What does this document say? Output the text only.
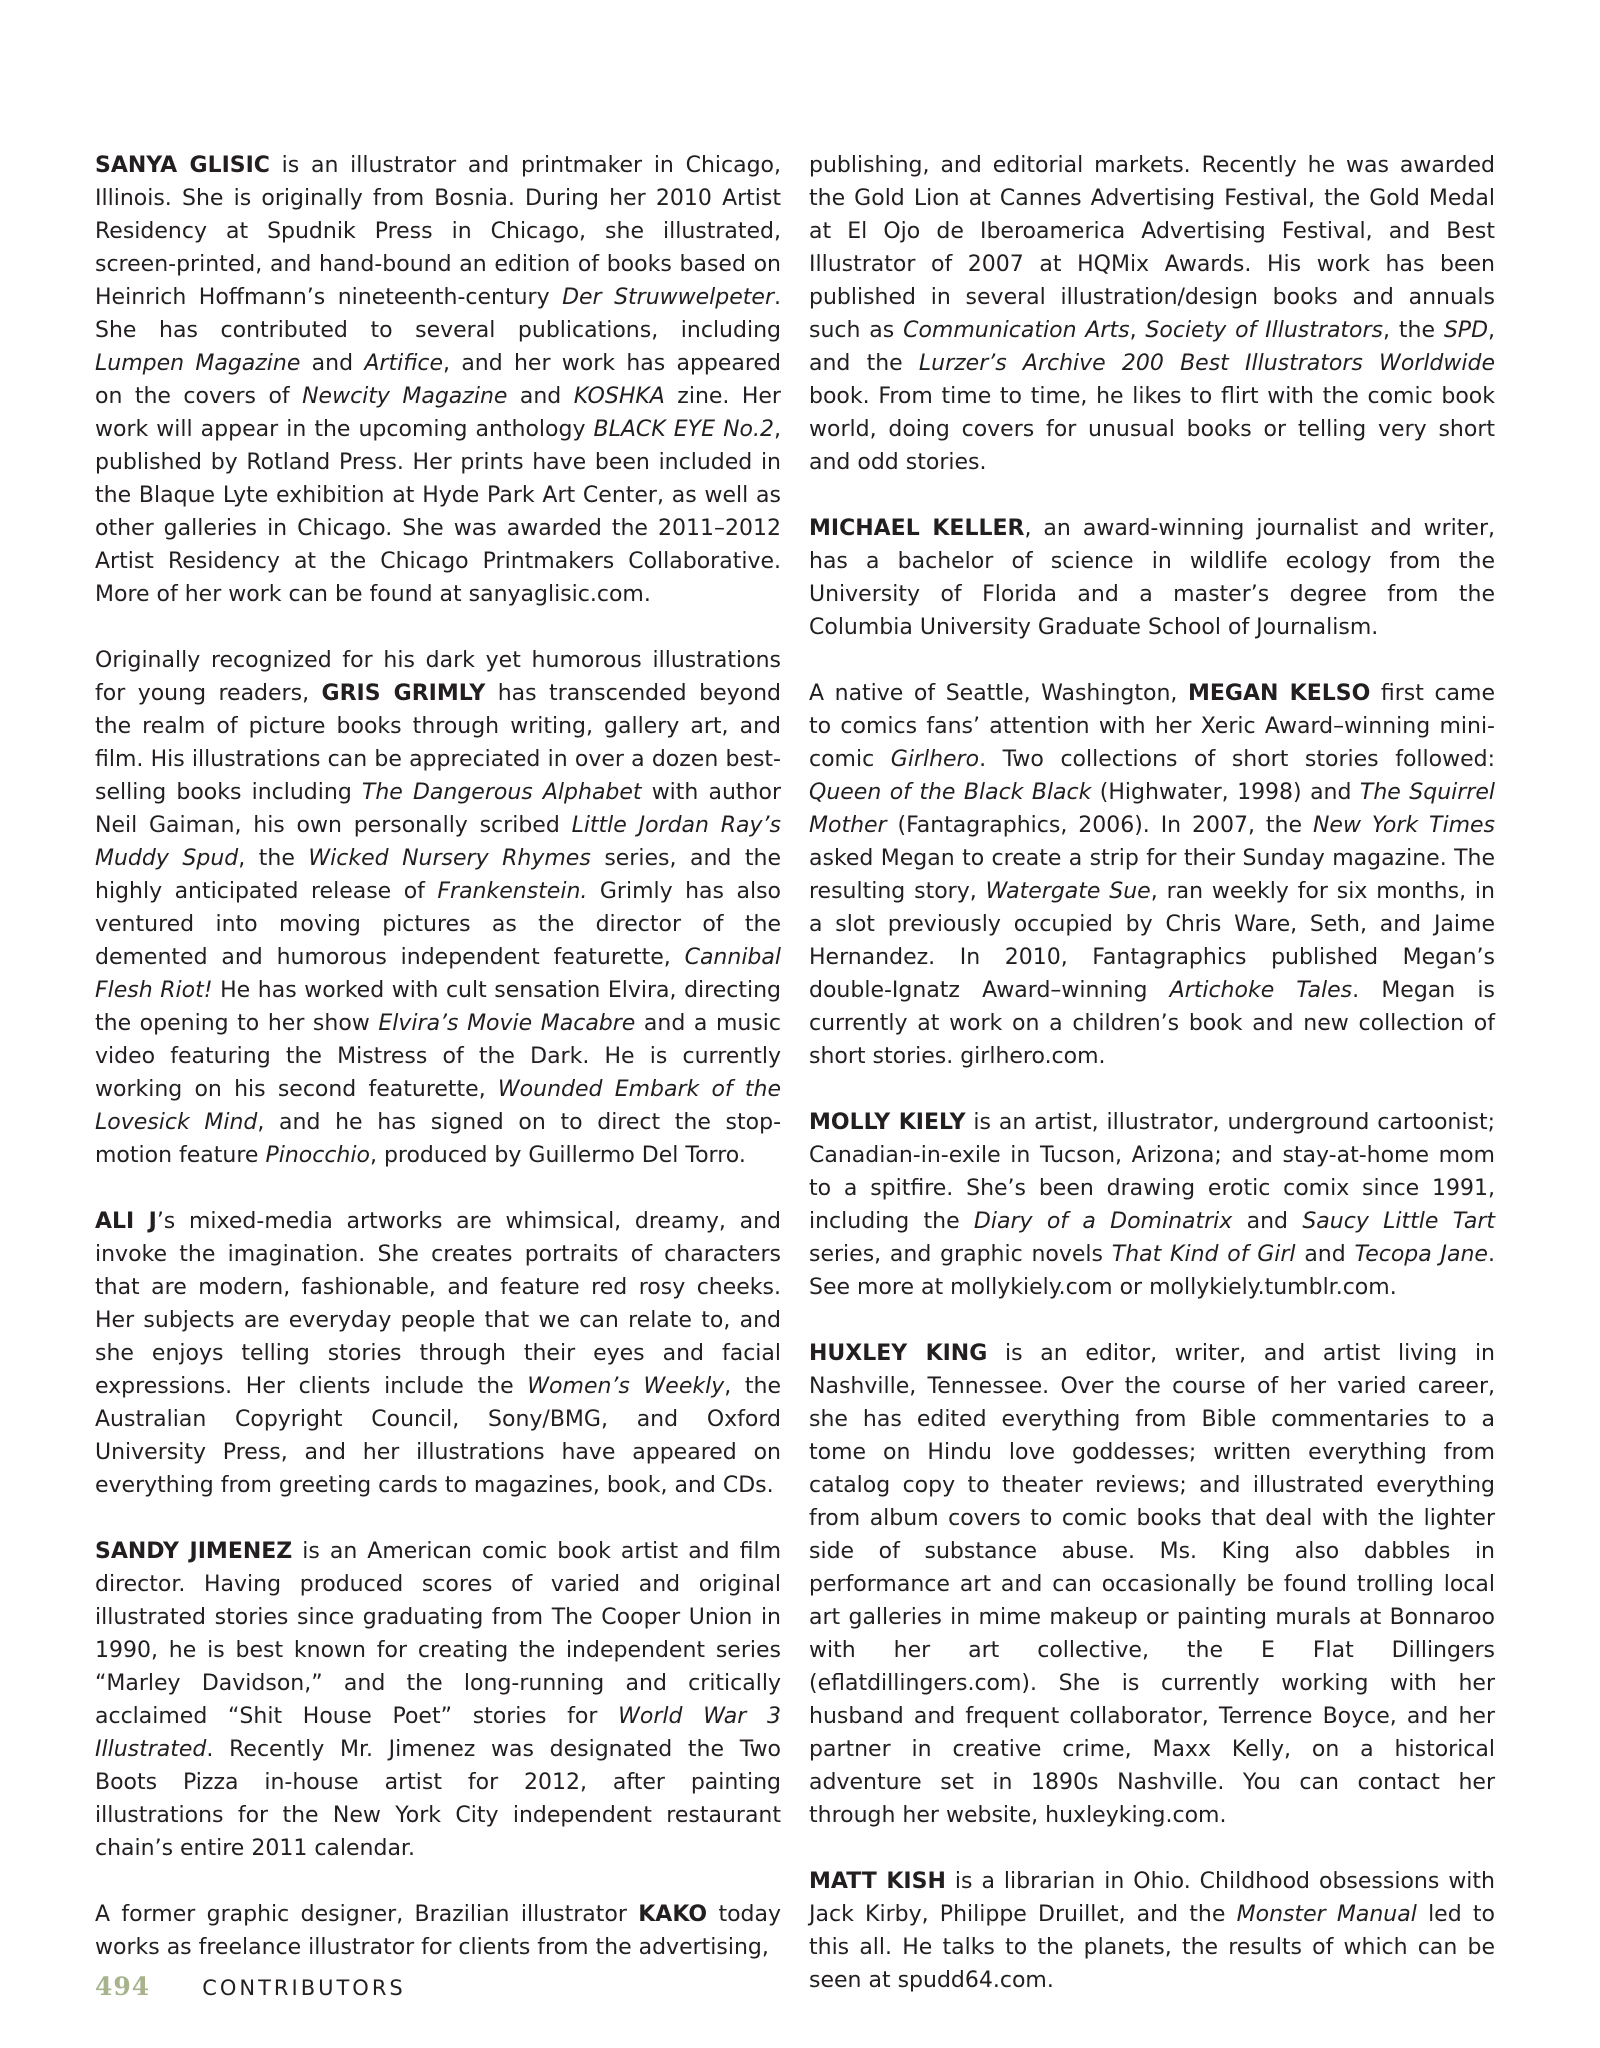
SANYA GLISIC is an illustrator and printmaker in Chicago, Illinois. She is originally from Bosnia. During her 2010 Artist Residency at Spudnik Press in Chicago, she illustrated, screen-printed, and hand-bound an edition of books based on Heinrich Hoffmann’s nineteenth-century Der Struwwelpeter. She has contributed to several publications, including Lumpen Magazine and Artifice, and her work has appeared on the covers of Newcity Magazine and KOSHKA zine. Her work will appear in the upcoming anthology BLACK EYE No.2, published by Rotland Press. Her prints have been included in the Blaque Lyte exhibition at Hyde Park Art Center, as well as other galleries in Chicago. She was awarded the 2011–2012 Artist Residency at the Chicago Printmakers Collaborative. More of her work can be found at sanyaglisic.com.

Originally recognized for his dark yet humorous illustrations for young readers, GRIS GRIMLY has transcended beyond the realm of picture books through writing, gallery art, and film. His illustrations can be appreciated in over a dozen best-selling books including The Dangerous Alphabet with author Neil Gaiman, his own personally scribed Little Jordan Ray’s Muddy Spud, the Wicked Nursery Rhymes series, and the highly anticipated release of Frankenstein. Grimly has also ventured into moving pictures as the director of the demented and humorous independent featurette, Cannibal Flesh Riot! He has worked with cult sensation Elvira, directing the opening to her show Elvira’s Movie Macabre and a music video featuring the Mistress of the Dark. He is currently working on his second featurette, Wounded Embark of the Lovesick Mind, and he has signed on to direct the stop-motion feature Pinocchio, produced by Guillermo Del Torro.

ALI J’s mixed-media artworks are whimsical, dreamy, and invoke the imagination. She creates portraits of characters that are modern, fashionable, and feature red rosy cheeks. Her subjects are everyday people that we can relate to, and she enjoys telling stories through their eyes and facial expressions. Her clients include the Women’s Weekly, the Australian Copyright Council, Sony/BMG, and Oxford University Press, and her illustrations have appeared on everything from greeting cards to magazines, book, and CDs.

SANDY JIMENEZ is an American comic book artist and film director. Having produced scores of varied and original illustrated stories since graduating from The Cooper Union in 1990, he is best known for creating the independent series “Marley Davidson,” and the long-running and critically acclaimed “Shit House Poet” stories for World War 3 Illustrated. Recently Mr. Jimenez was designated the Two Boots Pizza in-house artist for 2012, after painting illustrations for the New York City independent restaurant chain’s entire 2011 calendar.

A former graphic designer, Brazilian illustrator KAKO today works as freelance illustrator for clients from the advertising,

publishing, and editorial markets. Recently he was awarded the Gold Lion at Cannes Advertising Festival, the Gold Medal at El Ojo de Iberoamerica Advertising Festival, and Best Illustrator of 2007 at HQMix Awards. His work has been published in several illustration/design books and annuals such as Communication Arts, Society of Illustrators, the SPD, and the Lurzer’s Archive 200 Best Illustrators Worldwide book. From time to time, he likes to flirt with the comic book world, doing covers for unusual books or telling very short and odd stories.

MICHAEL KELLER, an award-winning journalist and writer, has a bachelor of science in wildlife ecology from the University of Florida and a master’s degree from the Columbia University Graduate School of Journalism.

A native of Seattle, Washington, MEGAN KELSO first came to comics fans’ attention with her Xeric Award–winning mini-comic Girlhero. Two collections of short stories followed: Queen of the Black Black (Highwater, 1998) and The Squirrel Mother (Fantagraphics, 2006). In 2007, the New York Times asked Megan to create a strip for their Sunday magazine. The resulting story, Watergate Sue, ran weekly for six months, in a slot previously occupied by Chris Ware, Seth, and Jaime Hernandez. In 2010, Fantagraphics published Megan’s double-Ignatz Award–winning Artichoke Tales. Megan is currently at work on a children’s book and new collection of short stories. girlhero.com.

MOLLY KIELY is an artist, illustrator, underground cartoonist; Canadian-in-exile in Tucson, Arizona; and stay-at-home mom to a spitfire. She’s been drawing erotic comix since 1991, including the Diary of a Dominatrix and Saucy Little Tart series, and graphic novels That Kind of Girl and Tecopa Jane. See more at mollykiely.com or mollykiely.tumblr.com.

HUXLEY KING is an editor, writer, and artist living in Nashville, Tennessee. Over the course of her varied career, she has edited everything from Bible commentaries to a tome on Hindu love goddesses; written everything from catalog copy to theater reviews; and illustrated everything from album covers to comic books that deal with the lighter side of substance abuse. Ms. King also dabbles in performance art and can occasionally be found trolling local art galleries in mime makeup or painting murals at Bonnaroo with her art collective, the E Flat Dillingers (eflatdillingers.com). She is currently working with her husband and frequent collaborator, Terrence Boyce, and her partner in creative crime, Maxx Kelly, on a historical adventure set in 1890s Nashville. You can contact her through her website, huxleyking.com.

MATT KISH is a librarian in Ohio. Childhood obsessions with Jack Kirby, Philippe Druillet, and the Monster Manual led to this all. He talks to the planets, the results of which can be seen at spudd64.com.

494 CONTRIBUTORS
